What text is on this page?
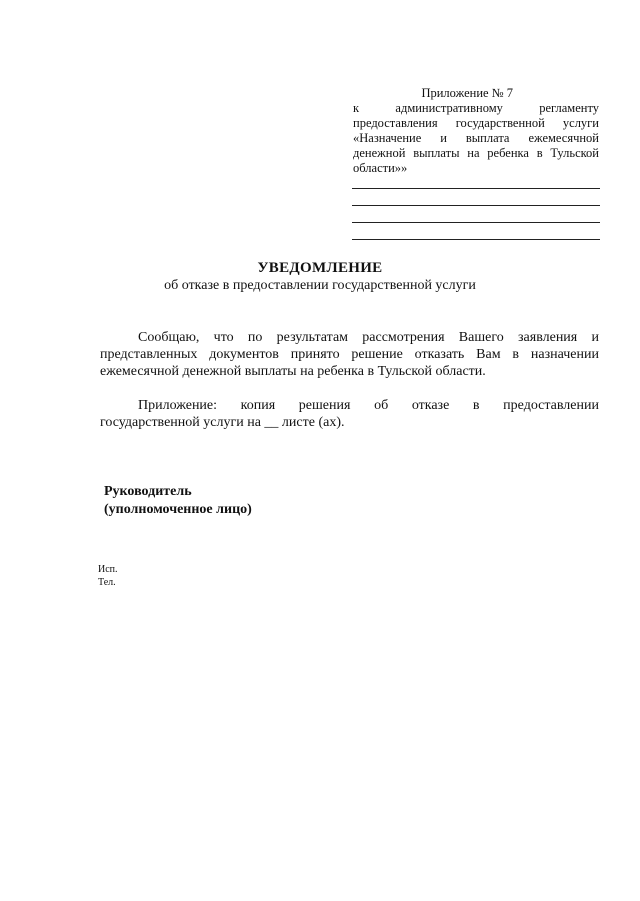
Приложение № 7
к	административному	регламенту
предоставления государственной услуги
«Назначение и выплата ежемесячной
денежной выплаты на ребенка в Тульской
области»»
УВЕДОМЛЕНИЕ
об отказе в предоставлении государственной услуги
Сообщаю, что по результатам рассмотрения Вашего заявления и
представленных документов принято решение отказать Вам в назначении
ежемесячной денежной выплаты на ребенка в Тульской области.
Приложение: копия решения об отказе в предоставлении
государственной услуги на __ листе (ах).
Руководитель
(уполномоченное лицо)
Исп.
Тел.
